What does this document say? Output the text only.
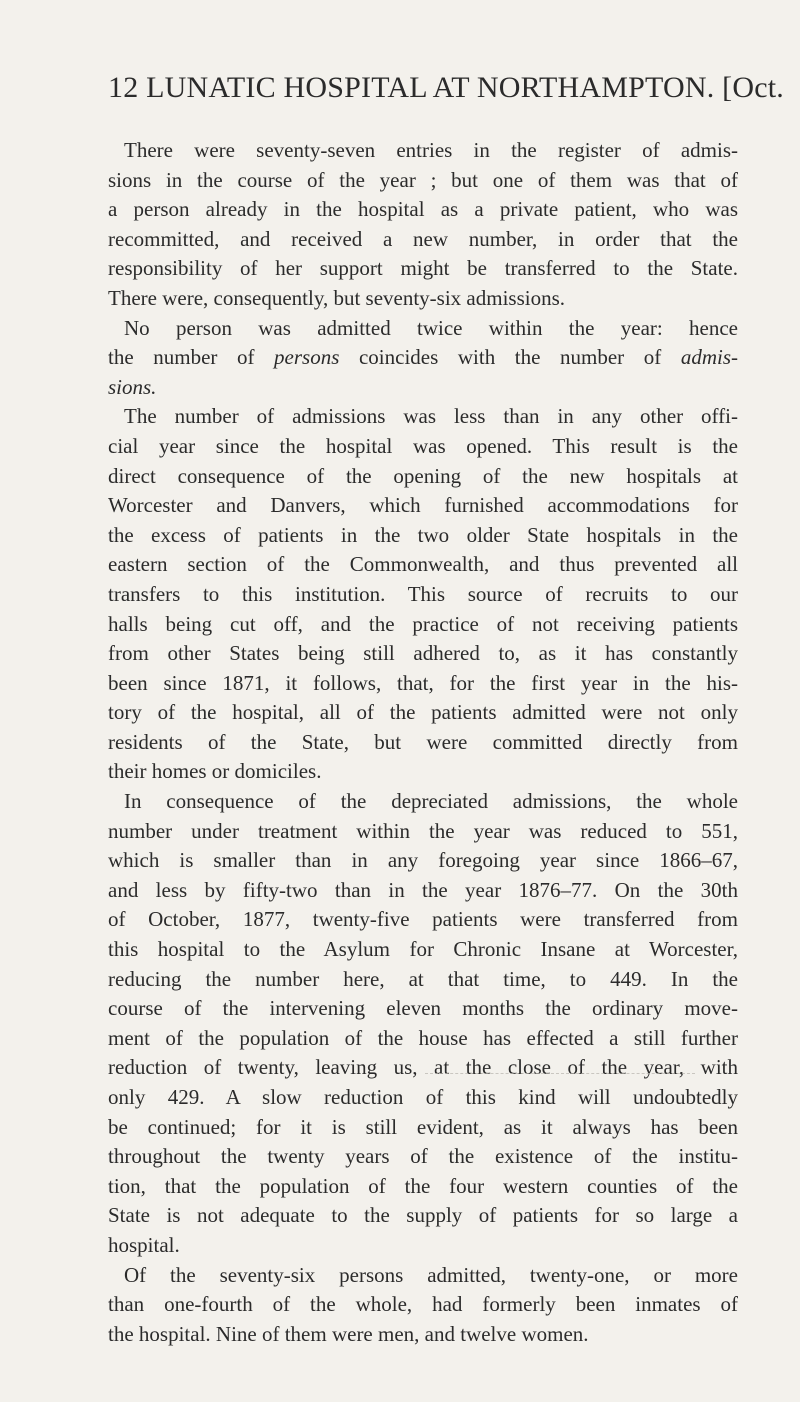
12 LUNATIC HOSPITAL AT NORTHAMPTON. [Oct.
There were seventy-seven entries in the register of admis-
sions in the course of the year ; but one of them was that of
a person already in the hospital as a private patient, who was
recommitted, and received a new number, in order that the
responsibility of her support might be transferred to the State.
There were, consequently, but seventy-six admissions.
No person was admitted twice within the year: hence
the number of persons coincides with the number of admis-
sions.
The number of admissions was less than in any other offi-
cial year since the hospital was opened. This result is the
direct consequence of the opening of the new hospitals at
Worcester and Danvers, which furnished accommodations for
the excess of patients in the two older State hospitals in the
eastern section of the Commonwealth, and thus prevented all
transfers to this institution. This source of recruits to our
halls being cut off, and the practice of not receiving patients
from other States being still adhered to, as it has constantly
been since 1871, it follows, that, for the first year in the his-
tory of the hospital, all of the patients admitted were not only
residents of the State, but were committed directly from
their homes or domiciles.
In consequence of the depreciated admissions, the whole
number under treatment within the year was reduced to 551,
which is smaller than in any foregoing year since 1866–67,
and less by fifty-two than in the year 1876–77. On the 30th
of October, 1877, twenty-five patients were transferred from
this hospital to the Asylum for Chronic Insane at Worcester,
reducing the number here, at that time, to 449. In the
course of the intervening eleven months the ordinary move-
ment of the population of the house has effected a still further
reduction of twenty, leaving us, at the close of the year, with
only 429. A slow reduction of this kind will undoubtedly
be continued; for it is still evident, as it always has been
throughout the twenty years of the existence of the institu-
tion, that the population of the four western counties of the
State is not adequate to the supply of patients for so large a
hospital.
Of the seventy-six persons admitted, twenty-one, or more
than one-fourth of the whole, had formerly been inmates of
the hospital. Nine of them were men, and twelve women.
